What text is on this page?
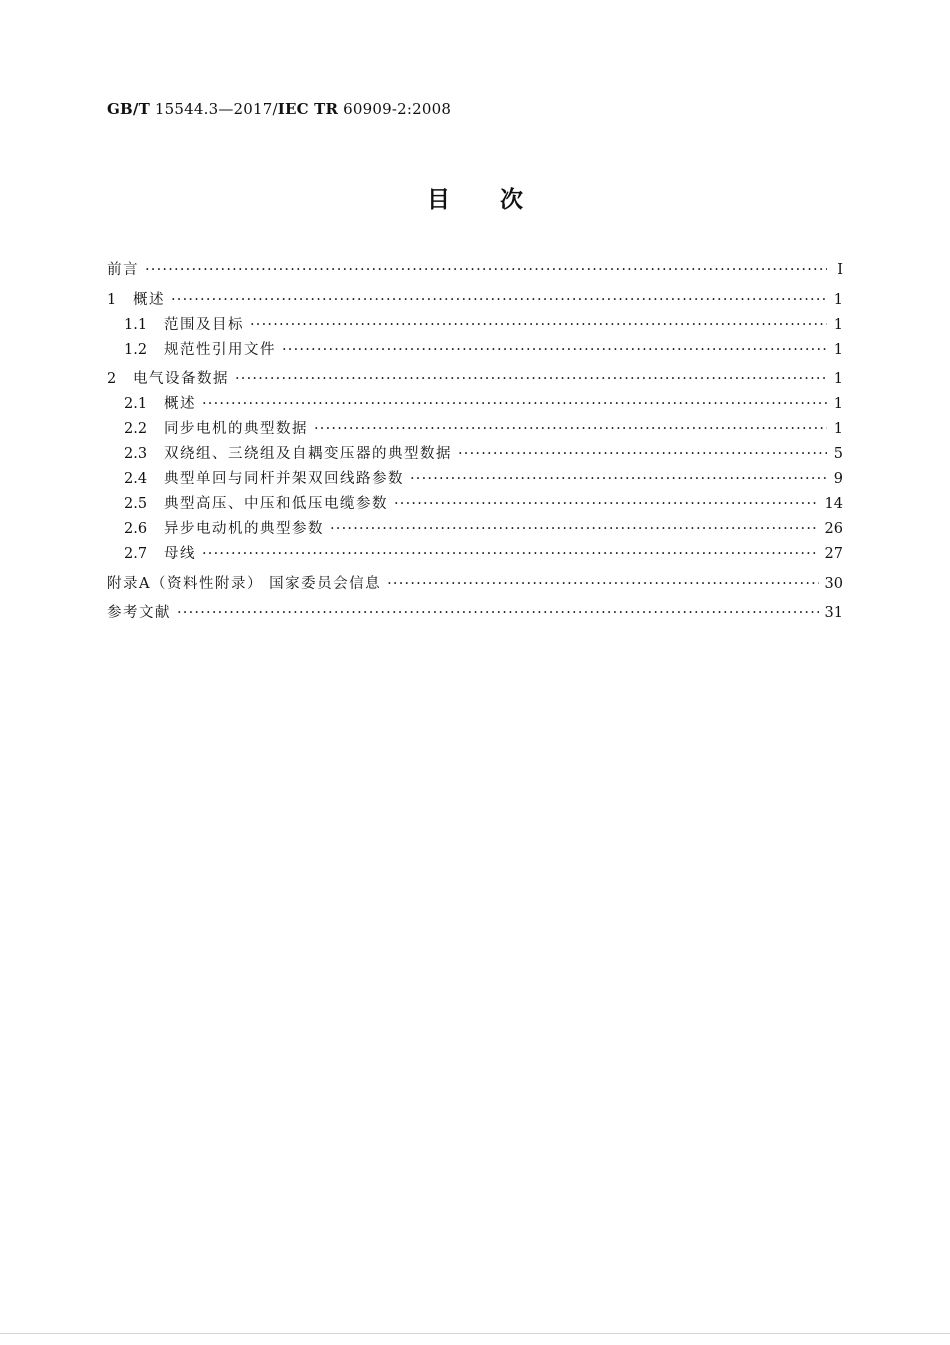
GB/T 15544.3—2017/IEC TR 60909-2:2008
目次
前言 ·····	Ⅰ
1	概述 ·····	1
1.1	范围及目标 ·····	1
1.2	规范性引用文件 ·····	1
2	电气设备数据 ·····	1
2.1	概述 ·····	1
2.2	同步电机的典型数据 ·····	1
2.3	双绕组、三绕组及自耦变压器的典型数据 ·····	5
2.4	典型单回与同杆并架双回线路参数 ·····	9
2.5	典型高压、中压和低压电缆参数 ·····	14
2.6	异步电动机的典型参数 ·····	26
2.7	母线 ·····	27
附录A（资料性附录） 国家委员会信息 ·····	30
参考文献 ·····	31
